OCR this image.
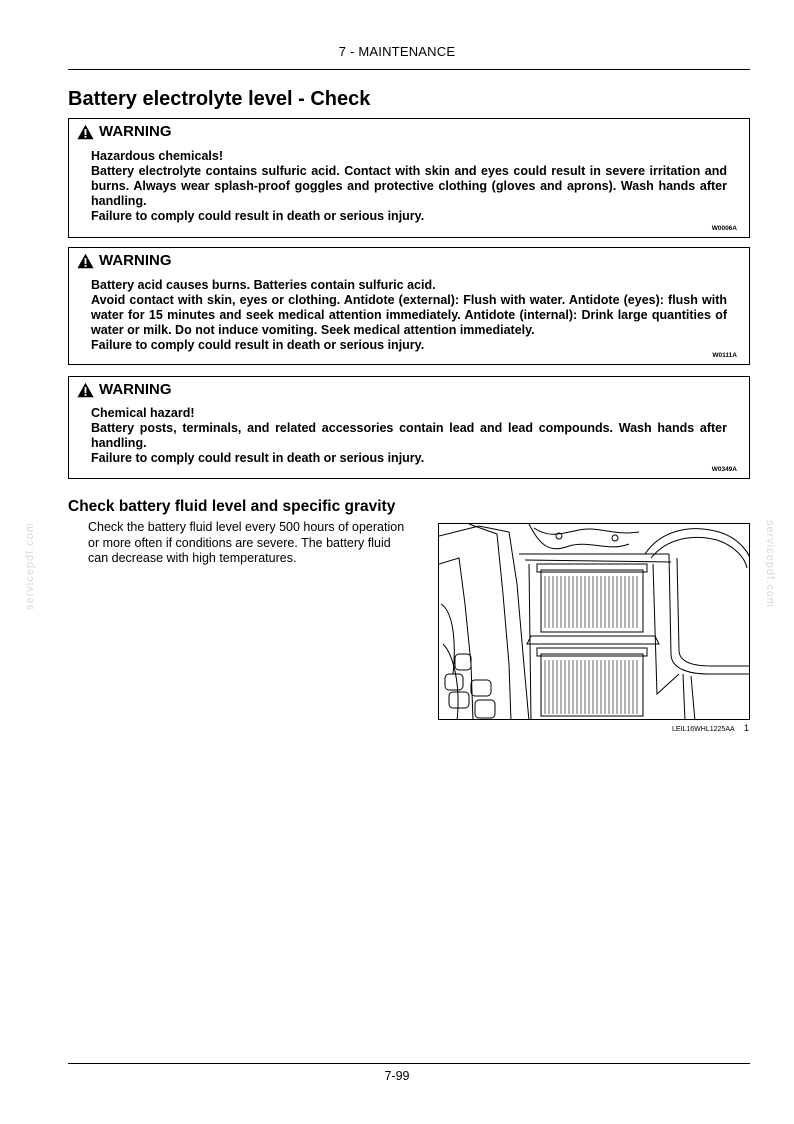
7 - MAINTENANCE
Battery electrolyte level - Check
WARNING

Hazardous chemicals!

Battery electrolyte contains sulfuric acid. Contact with skin and eyes could result in severe irritation and burns. Always wear splash-proof goggles and protective clothing (gloves and aprons). Wash hands after handling.

Failure to comply could result in death or serious injury.

W0006A
WARNING

Battery acid causes burns. Batteries contain sulfuric acid.

Avoid contact with skin, eyes or clothing. Antidote (external): Flush with water. Antidote (eyes): flush with water for 15 minutes and seek medical attention immediately. Antidote (internal): Drink large quantities of water or milk. Do not induce vomiting. Seek medical attention immediately.

Failure to comply could result in death or serious injury.

W0111A
WARNING

Chemical hazard!

Battery posts, terminals, and related accessories contain lead and lead compounds. Wash hands after handling.

Failure to comply could result in death or serious injury.

W0349A
Check battery fluid level and specific gravity
Check the battery fluid level every 500 hours of operation or more often if conditions are severe. The battery fluid can decrease with high temperatures.
LEIL16WHL1225AA 1
servicepdf.com	servicepdf.com
7-99
